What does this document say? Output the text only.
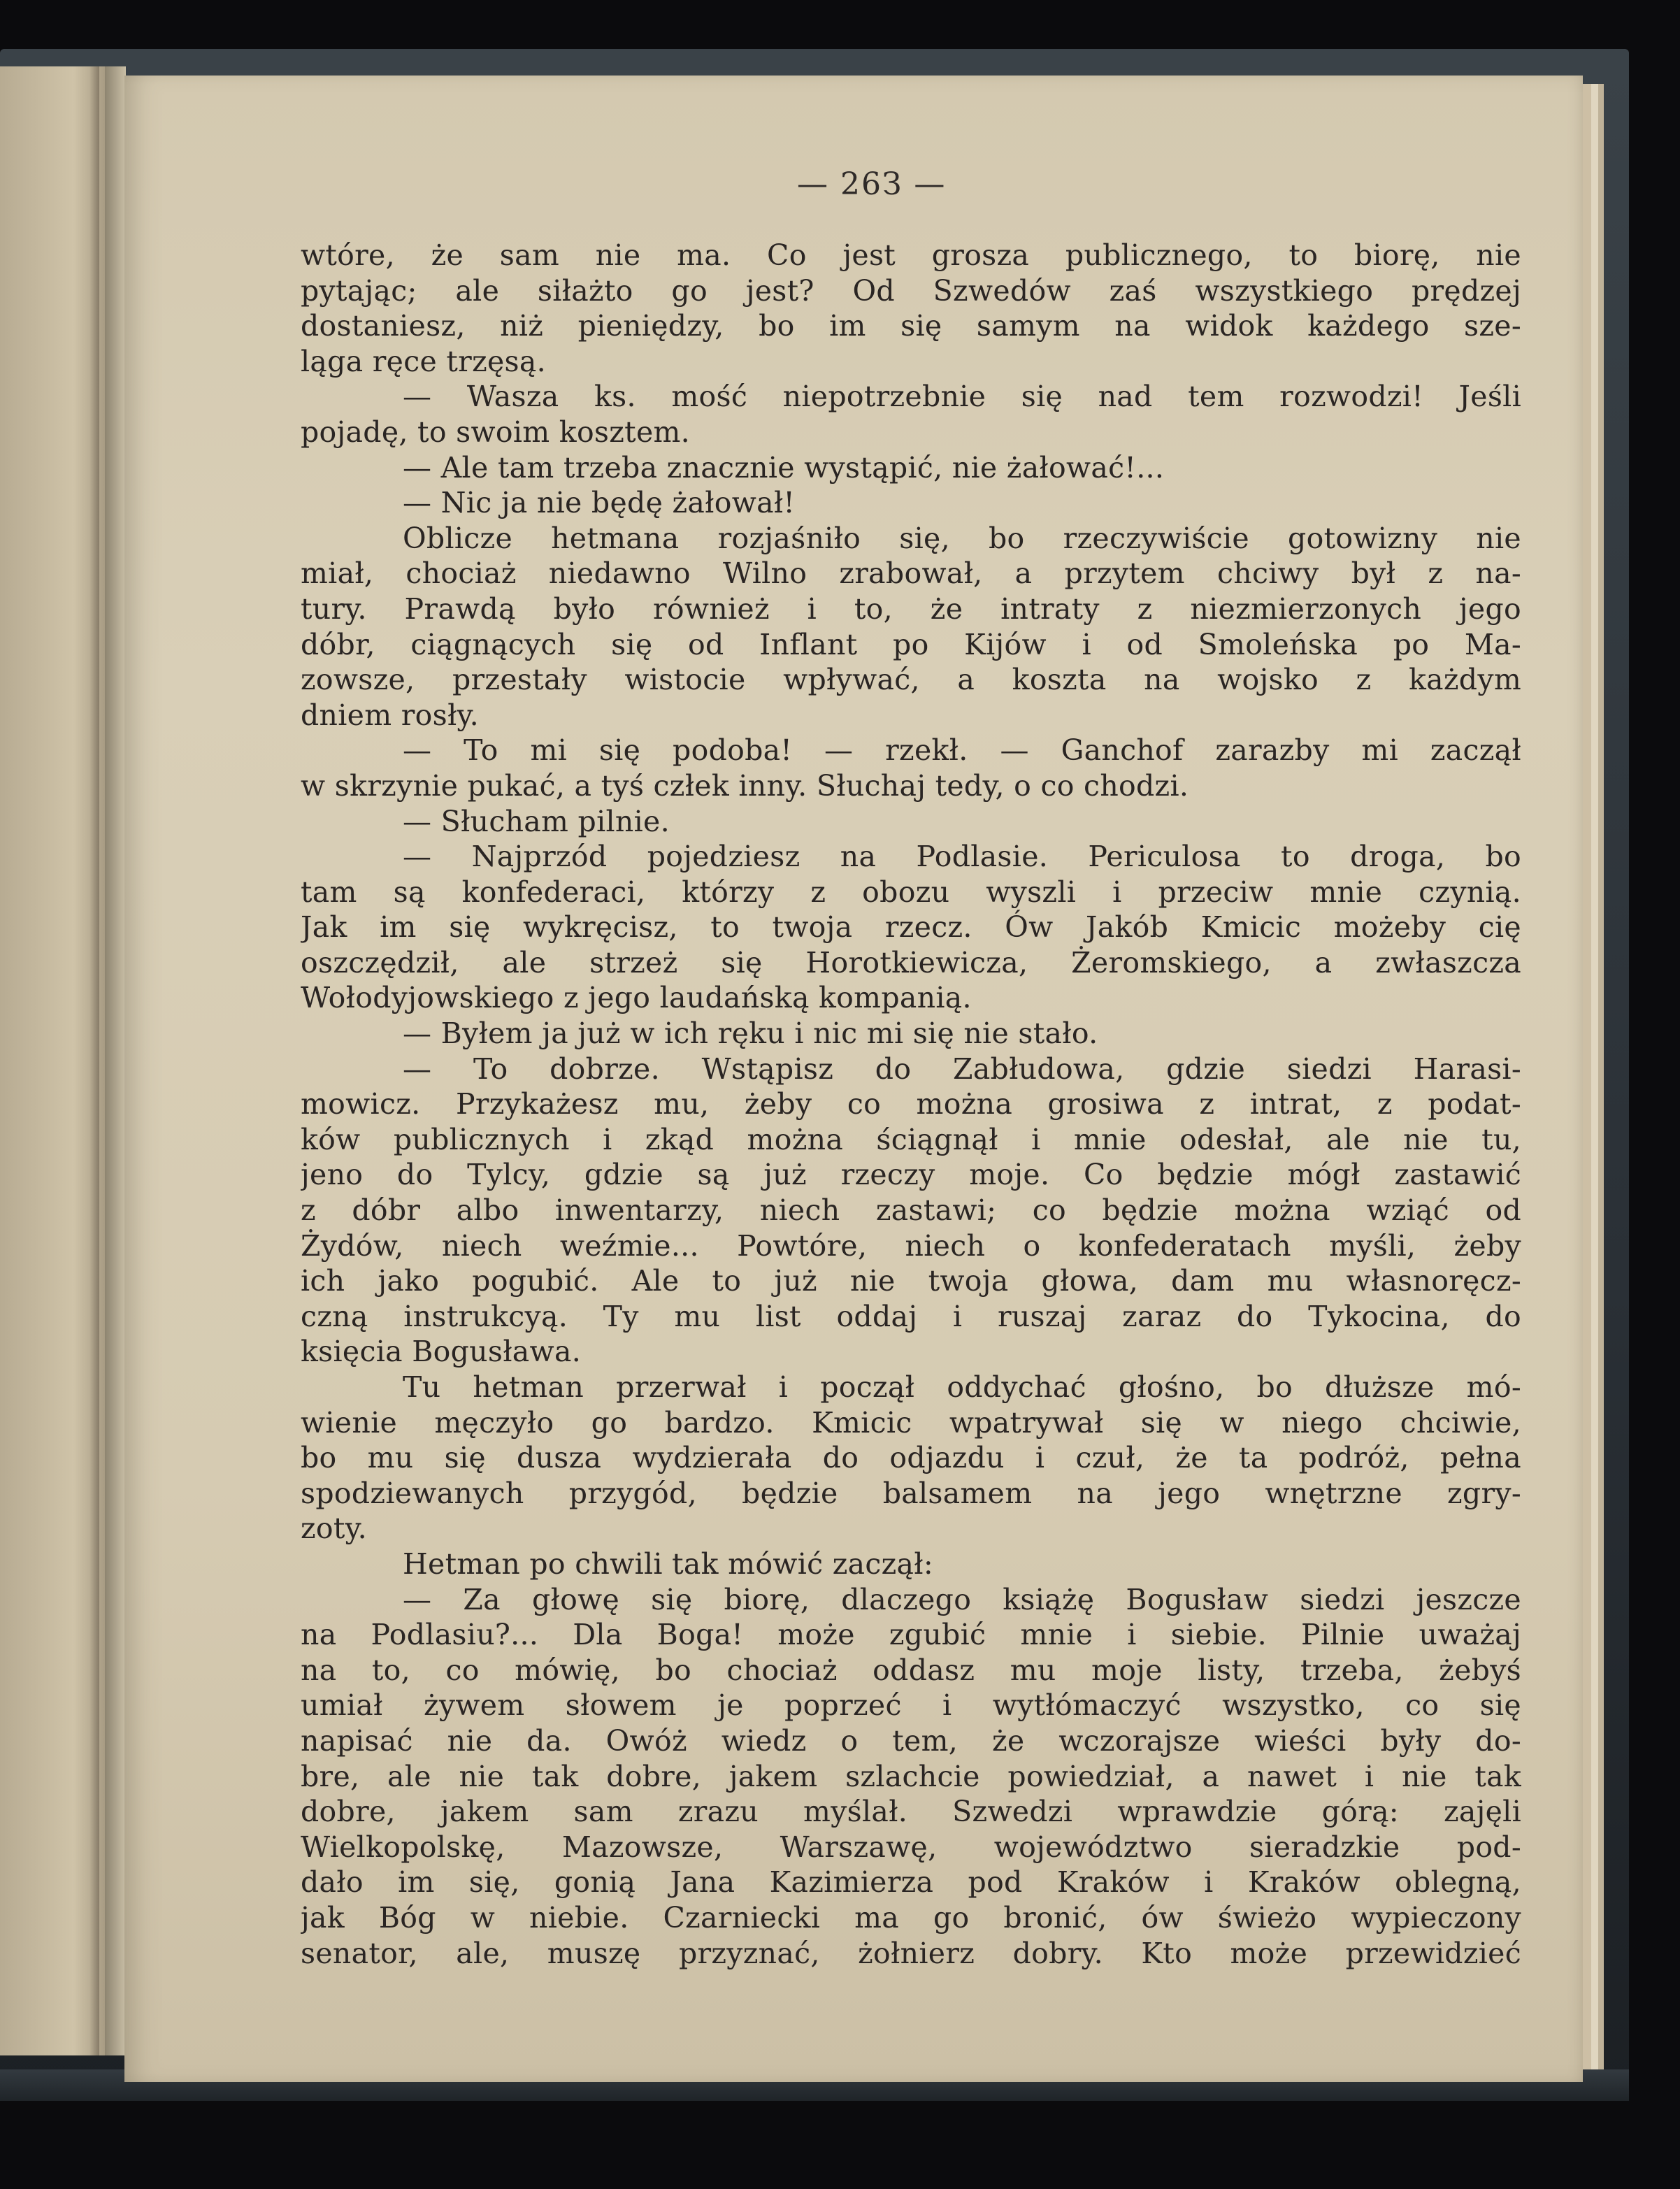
— 26З —
wtóre, że sam nie ma. Co jest grosza publicznego, to biorę, nie
pytając; ale siłażto go jest? Od Szwedów zaś wszystkiego prędzej
dostaniesz, niż pieniędzy, bo im się samym na widok każdego sze-
ląga ręce trzęsą.
— Wasza ks. mość niepotrzebnie się nad tem rozwodzi! Jeśli
pojadę, to swoim kosztem.
— Ale tam trzeba znacznie wystąpić, nie żałować!...
— Nic ja nie będę żałował!
Oblicze hetmana rozjaśniło się, bo rzeczywiście gotowizny nie
miał, chociaż niedawno Wilno zrabował, a przytem chciwy był z na-
tury. Prawdą było również i to, że intraty z niezmierzonych jego
dóbr, ciągnących się od Inflant po Kijów i od Smoleńska po Ma-
zowsze, przestały wistocie wpływać, a koszta na wojsko z każdym
dniem rosły.
— To mi się podoba! — rzekł. — Ganchof zarazby mi zaczął
w skrzynie pukać, a tyś człek inny. Słuchaj tedy, o co chodzi.
— Słucham pilnie.
— Najprzód pojedziesz na Podlasie. Periculosa to droga, bo
tam są konfederaci, którzy z obozu wyszli i przeciw mnie czynią.
Jak im się wykręcisz, to twoja rzecz. Ów Jakób Kmicic możeby cię
oszczędził, ale strzeż się Horotkiewicza, Żeromskiego, a zwłaszcza
Wołodyjowskiego z jego laudańską kompanią.
— Byłem ja już w ich ręku i nic mi się nie stało.
— To dobrze. Wstąpisz do Zabłudowa, gdzie siedzi Harasi-
mowicz. Przykażesz mu, żeby co można grosiwa z intrat, z podat-
ków publicznych i zkąd można ściągnął i mnie odesłał, ale nie tu,
jeno do Tylcy, gdzie są już rzeczy moje. Co będzie mógł zastawić
z dóbr albo inwentarzy, niech zastawi; co będzie można wziąć od
Żydów, niech weźmie... Powtóre, niech o konfederatach myśli, żeby
ich jako pogubić. Ale to już nie twoja głowa, dam mu własnoręcz-
czną instrukcyą. Ty mu list oddaj i ruszaj zaraz do Tykocina, do
księcia Bogusława.
Tu hetman przerwał i począł oddychać głośno, bo dłuższe mó-
wienie męczyło go bardzo. Kmicic wpatrywał się w niego chciwie,
bo mu się dusza wydzierała do odjazdu i czuł, że ta podróż, pełna
spodziewanych przygód, będzie balsamem na jego wnętrzne zgry-
zoty.
Hetman po chwili tak mówić zaczął:
— Za głowę się biorę, dlaczego książę Bogusław siedzi jeszcze
na Podlasiu?... Dla Boga! może zgubić mnie i siebie. Pilnie uważaj
na to, co mówię, bo chociaż oddasz mu moje listy, trzeba, żebyś
umiał żywem słowem je poprzeć i wytłómaczyć wszystko, co się
napisać nie da. Owóż wiedz o tem, że wczorajsze wieści były do-
bre, ale nie tak dobre, jakem szlachcie powiedział, a nawet i nie tak
dobre, jakem sam zrazu myślał. Szwedzi wprawdzie górą: zajęli
Wielkopolskę, Mazowsze, Warszawę, województwo sieradzkie pod-
dało im się, gonią Jana Kazimierza pod Kraków i Kraków oblegną,
jak Bóg w niebie. Czarniecki ma go bronić, ów świeżo wypieczony
senator, ale, muszę przyznać, żołnierz dobry. Kto może przewidzieć
